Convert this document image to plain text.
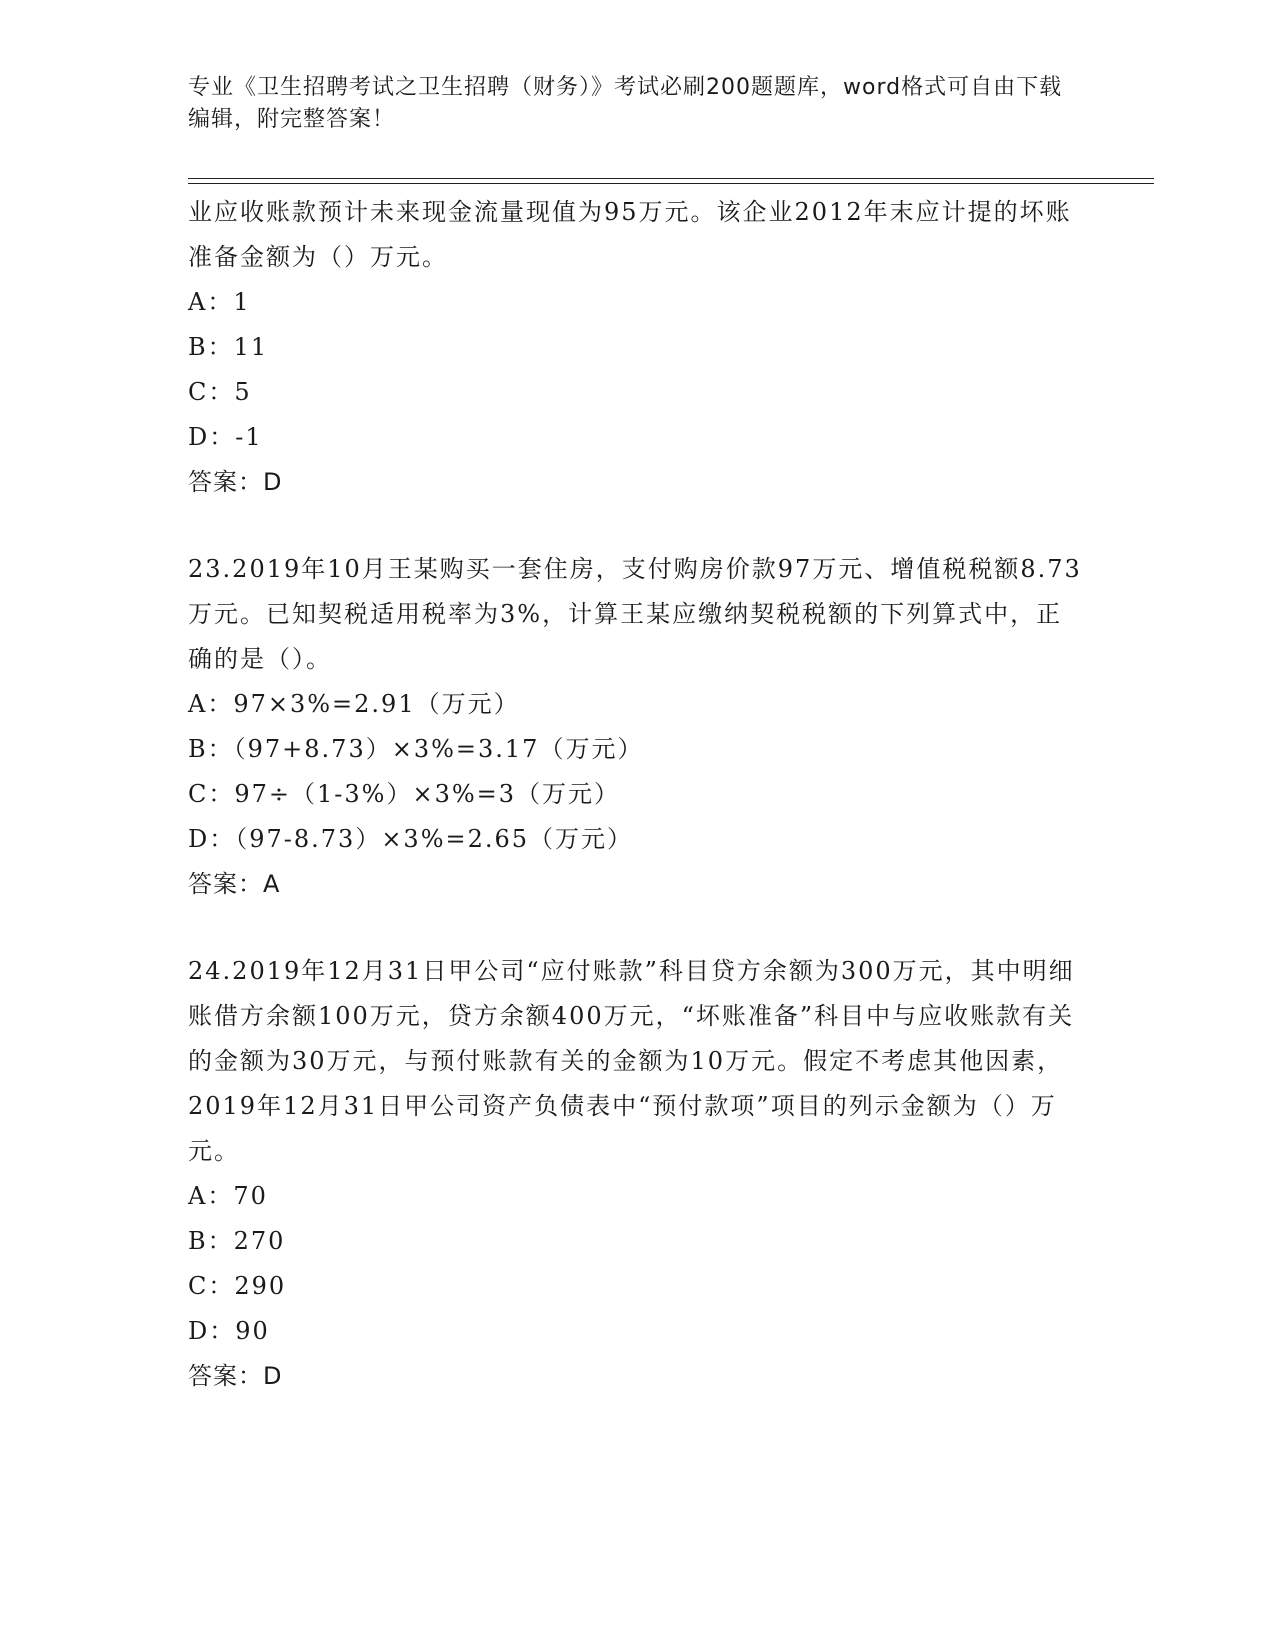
专业《卫生招聘考试之卫生招聘（财务）》考试必刷200题题库，word格式可自由下载编辑，附完整答案！
业应收账款预计未来现金流量现值为95万元。该企业2012年末应计提的坏账准备金额为（）万元。
A：1
B：11
C：5
D：-1
答案：D
23.2019年10月王某购买一套住房，支付购房价款97万元、增值税税额8.73万元。已知契税适用税率为3%，计算王某应缴纳契税税额的下列算式中，正确的是（）。
A：97×3%=2.91（万元）
B：（97+8.73）×3%=3.17（万元）
C：97÷（1-3%）×3%=3（万元）
D：（97-8.73）×3%=2.65（万元）
答案：A
24.2019年12月31日甲公司“应付账款”科目贷方余额为300万元，其中明细账借方余额100万元，贷方余额400万元，“坏账准备”科目中与应收账款有关的金额为30万元，与预付账款有关的金额为10万元。假定不考虑其他因素，2019年12月31日甲公司资产负债表中“预付款项”项目的列示金额为（）万元。
A：70
B：270
C：290
D：90
答案：D
